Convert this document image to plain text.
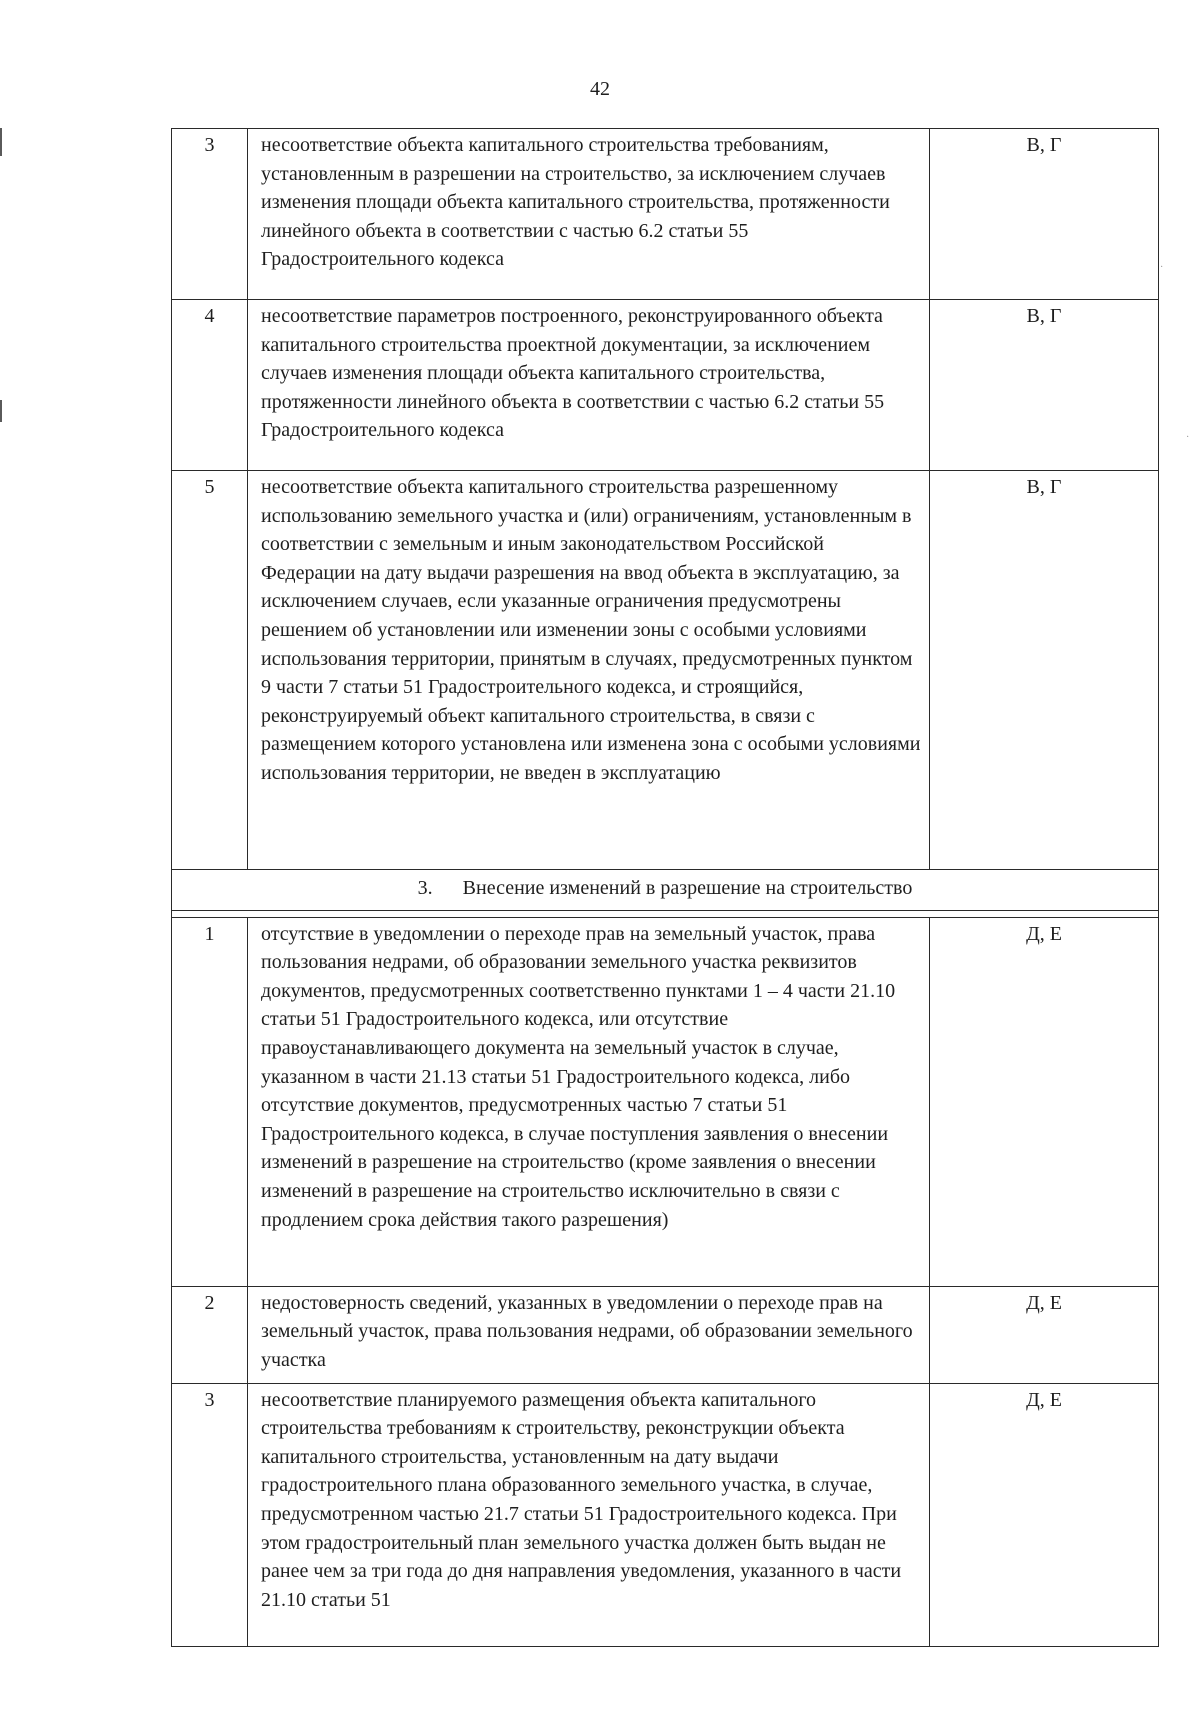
42
·
·
3	несоответствие объекта капитального строительства требованиям, установленным в разрешении на строительство, за исключением случаев изменения площади объекта капитального строительства, протяженности линейного объекта в соответствии с частью 6.2 статьи 55 Градостроительного кодекса	В, Г
4	несоответствие параметров построенного, реконструированного объекта капитального строительства проектной документации, за исключением случаев изменения площади объекта капитального строительства, протяженности линейного объекта в соответствии с частью 6.2 статьи 55 Градостроительного кодекса	В, Г
5	несоответствие объекта капитального строительства разрешенному использованию земельного участка и (или) ограничениям, установленным в соответствии с земельным и иным законодательством Российской Федерации на дату выдачи разрешения на ввод объекта в эксплуатацию, за исключением случаев, если указанные ограничения предусмотрены решением об установлении или изменении зоны с особыми условиями использования территории, принятым в случаях, предусмотренных пунктом 9 части 7 статьи 51 Градостроительного кодекса, и строящийся, реконструируемый объект капитального строительства, в связи с размещением которого установлена или изменена зона с особыми условиями использования территории, не введен в эксплуатацию	В, Г
3. Внесение изменений в разрешение на строительство		

1	отсутствие в уведомлении о переходе прав на земельный участок, права пользования недрами, об образовании земельного участка реквизитов документов, предусмотренных соответственно пунктами 1 – 4 части 21.10 статьи 51 Градостроительного кодекса, или отсутствие правоустанавливающего документа на земельный участок в случае, указанном в части 21.13 статьи 51 Градостроительного кодекса, либо отсутствие документов, предусмотренных частью 7 статьи 51 Градостроительного кодекса, в случае поступления заявления о внесении изменений в разрешение на строительство (кроме заявления о внесении изменений в разрешение на строительство исключительно в связи с продлением срока действия такого разрешения)	Д, Е
2	недостоверность сведений, указанных в уведомлении о переходе прав на земельный участок, права пользования недрами, об образовании земельного участка	Д, Е
3	несоответствие планируемого размещения объекта капитального строительства требованиям к строительству, реконструкции объекта капитального строительства, установленным на дату выдачи градостроительного плана образованного земельного участка, в случае, предусмотренном частью 21.7 статьи 51 Градостроительного кодекса. При этом градостроительный план земельного участка должен быть выдан не ранее чем за три года до дня направления уведомления, указанного в части 21.10 статьи 51	Д, Е
